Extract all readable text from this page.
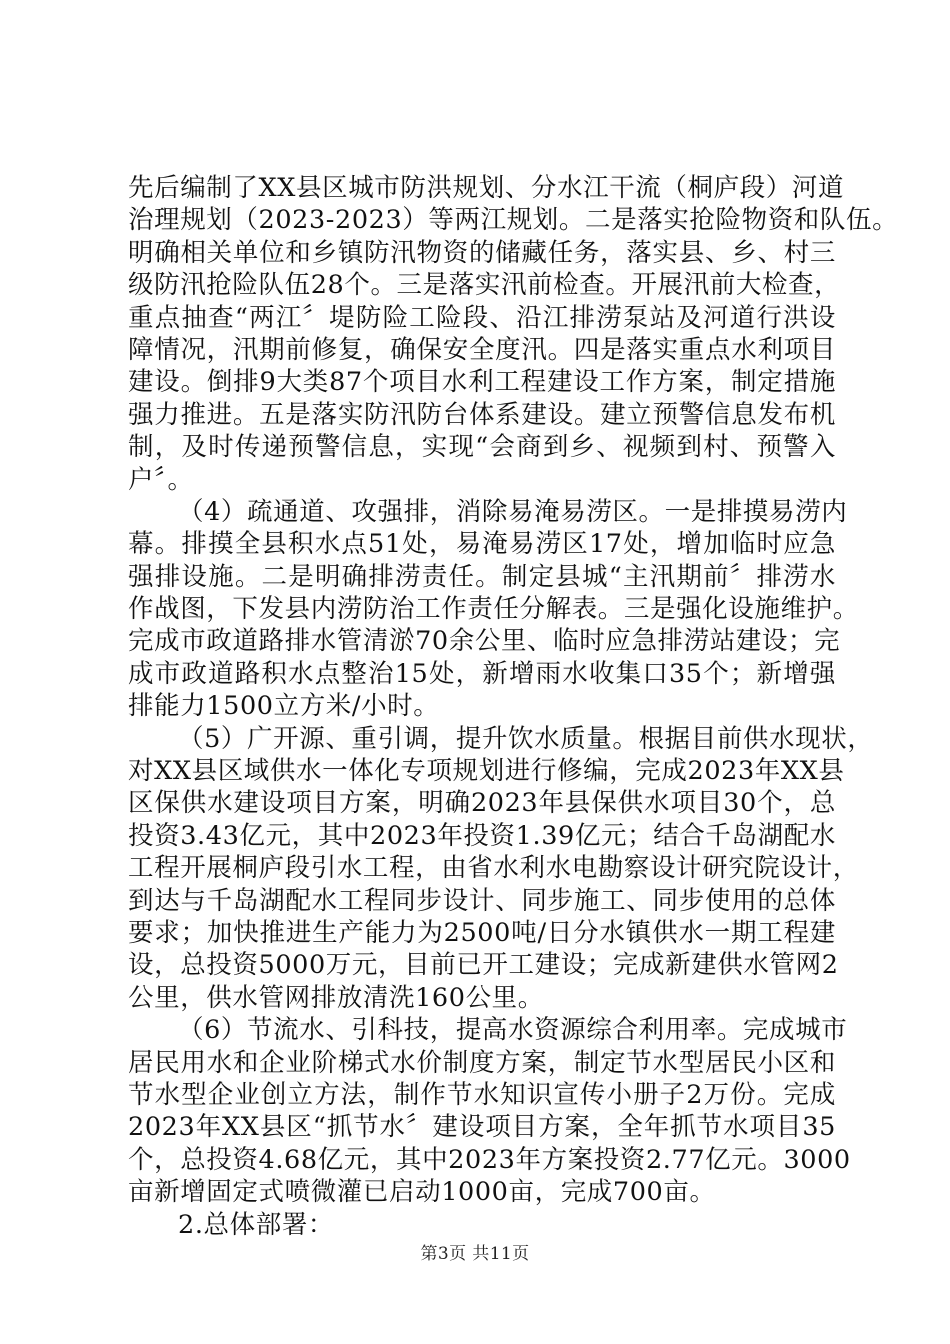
先后编制了XX县区城市防洪规划、分水江干流（桐庐段）河道
治理规划（2023-2023）等两江规划。二是落实抢险物资和队伍。
明确相关单位和乡镇防汛物资的储藏任务，落实县、乡、村三
级防汛抢险队伍28个。三是落实汛前检查。开展汛前大检查，
重点抽查“两江〞堤防险工险段、沿江排涝泵站及河道行洪设
障情况，汛期前修复，确保安全度汛。四是落实重点水利项目
建设。倒排9大类87个项目水利工程建设工作方案，制定措施
强力推进。五是落实防汛防台体系建设。建立预警信息发布机
制，及时传递预警信息，实现“会商到乡、视频到村、预警入
户〞。
（4）疏通道、攻强排，消除易淹易涝区。一是排摸易涝内
幕。排摸全县积水点51处，易淹易涝区17处，增加临时应急
强排设施。二是明确排涝责任。制定县城“主汛期前〞排涝水
作战图，下发县内涝防治工作责任分解表。三是强化设施维护。
完成市政道路排水管清淤70余公里、临时应急排涝站建设；完
成市政道路积水点整治15处，新增雨水收集口35个；新增强
排能力1500立方米/小时。
（5）广开源、重引调，提升饮水质量。根据目前供水现状，
对XX县区域供水一体化专项规划进行修编，完成2023年XX县
区保供水建设项目方案，明确2023年县保供水项目30个，总
投资3.43亿元，其中2023年投资1.39亿元；结合千岛湖配水
工程开展桐庐段引水工程，由省水利水电勘察设计研究院设计，
到达与千岛湖配水工程同步设计、同步施工、同步使用的总体
要求；加快推进生产能力为2500吨/日分水镇供水一期工程建
设，总投资5000万元，目前已开工建设；完成新建供水管网2
公里，供水管网排放清洗160公里。
（6）节流水、引科技，提高水资源综合利用率。完成城市
居民用水和企业阶梯式水价制度方案，制定节水型居民小区和
节水型企业创立方法，制作节水知识宣传小册子2万份。完成
2023年XX县区“抓节水〞建设项目方案，全年抓节水项目35
个，总投资4.68亿元，其中2023年方案投资2.77亿元。3000
亩新增固定式喷微灌已启动1000亩，完成700亩。
2.总体部署：
第3页 共11页
